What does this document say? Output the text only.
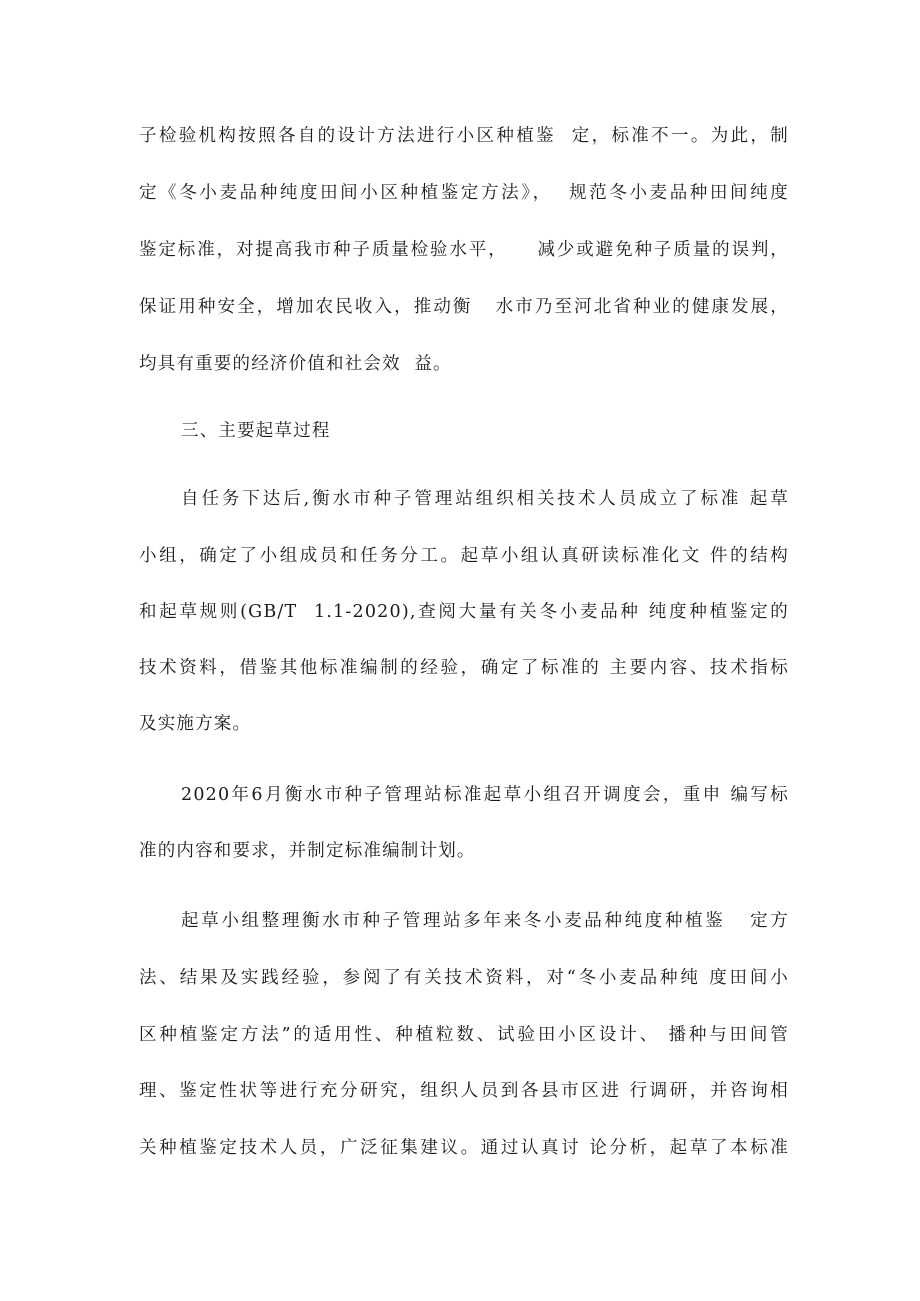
子检验机构按照各自的设计方法进行小区种植鉴  定，标准不一。为此，制
定《冬小麦品种纯度田间小区种植鉴定方法》，  规范冬小麦品种田间纯度
鉴定标准，对提高我市种子质量检验水平，    减少或避免种子质量的误判，
保证用种安全，增加农民收入，推动衡   水市乃至河北省种业的健康发展，
均具有重要的经济价值和社会效  益。
三、主要起草过程
自任务下达后,衡水市种子管理站组织相关技术人员成立了标准 起草
小组，确定了小组成员和任务分工。起草小组认真研读标准化文 件的结构
和起草规则(GB/T  1.1-2020),查阅大量有关冬小麦品种 纯度种植鉴定的
技术资料，借鉴其他标准编制的经验，确定了标准的 主要内容、技术指标
及实施方案。
2020年6月衡水市种子管理站标准起草小组召开调度会，重申 编写标
准的内容和要求，并制定标准编制计划。
起草小组整理衡水市种子管理站多年来冬小麦品种纯度种植鉴   定方
法、结果及实践经验，参阅了有关技术资料，对“冬小麦品种纯 度田间小
区种植鉴定方法”的适用性、种植粒数、试验田小区设计、 播种与田间管
理、鉴定性状等进行充分研究，组织人员到各县市区进 行调研，并咨询相
关种植鉴定技术人员，广泛征集建议。通过认真讨 论分析，起草了本标准
